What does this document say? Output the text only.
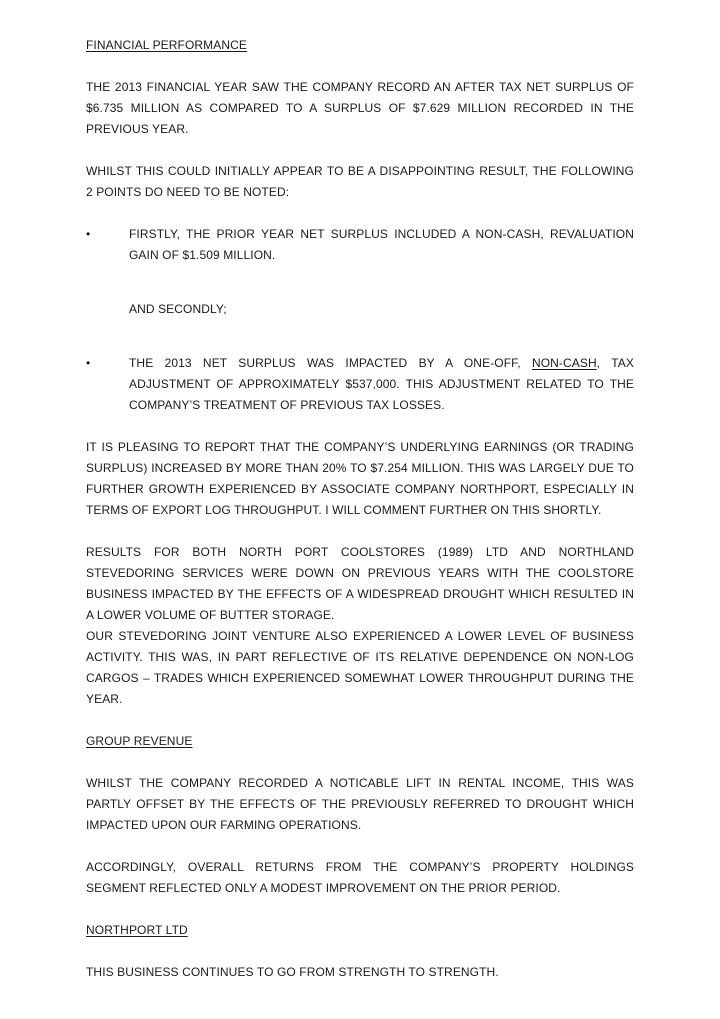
FINANCIAL PERFORMANCE

THE 2013 FINANCIAL YEAR SAW THE COMPANY RECORD AN AFTER TAX NET SURPLUS OF $6.735 MILLION AS COMPARED TO A SURPLUS OF $7.629 MILLION RECORDED IN THE PREVIOUS YEAR.

WHILST THIS COULD INITIALLY APPEAR TO BE A DISAPPOINTING RESULT, THE FOLLOWING 2 POINTS DO NEED TO BE NOTED:

•	FIRSTLY, THE PRIOR YEAR NET SURPLUS INCLUDED A NON-CASH, REVALUATION GAIN OF $1.509 MILLION.

AND SECONDLY;

•	THE 2013 NET SURPLUS WAS IMPACTED BY A ONE-OFF, NON-CASH, TAX ADJUSTMENT OF APPROXIMATELY $537,000. THIS ADJUSTMENT RELATED TO THE COMPANY’S TREATMENT OF PREVIOUS TAX LOSSES.

IT IS PLEASING TO REPORT THAT THE COMPANY’S UNDERLYING EARNINGS (OR TRADING SURPLUS) INCREASED BY MORE THAN 20% TO $7.254 MILLION. THIS WAS LARGELY DUE TO FURTHER GROWTH EXPERIENCED BY ASSOCIATE COMPANY NORTHPORT, ESPECIALLY IN TERMS OF EXPORT LOG THROUGHPUT. I WILL COMMENT FURTHER ON THIS SHORTLY.

RESULTS FOR BOTH NORTH PORT COOLSTORES (1989) LTD AND NORTHLAND STEVEDORING SERVICES WERE DOWN ON PREVIOUS YEARS WITH THE COOLSTORE BUSINESS IMPACTED BY THE EFFECTS OF A WIDESPREAD DROUGHT WHICH RESULTED IN A LOWER VOLUME OF BUTTER STORAGE.

OUR STEVEDORING JOINT VENTURE ALSO EXPERIENCED A LOWER LEVEL OF BUSINESS ACTIVITY. THIS WAS, IN PART REFLECTIVE OF ITS RELATIVE DEPENDENCE ON NON-LOG CARGOS – TRADES WHICH EXPERIENCED SOMEWHAT LOWER THROUGHPUT DURING THE YEAR.

GROUP REVENUE

WHILST THE COMPANY RECORDED A NOTICABLE LIFT IN RENTAL INCOME, THIS WAS PARTLY OFFSET BY THE EFFECTS OF THE PREVIOUSLY REFERRED TO DROUGHT WHICH IMPACTED UPON OUR FARMING OPERATIONS.

ACCORDINGLY, OVERALL RETURNS FROM THE COMPANY’S PROPERTY HOLDINGS SEGMENT REFLECTED ONLY A MODEST IMPROVEMENT ON THE PRIOR PERIOD.

NORTHPORT LTD

THIS BUSINESS CONTINUES TO GO FROM STRENGTH TO STRENGTH.
